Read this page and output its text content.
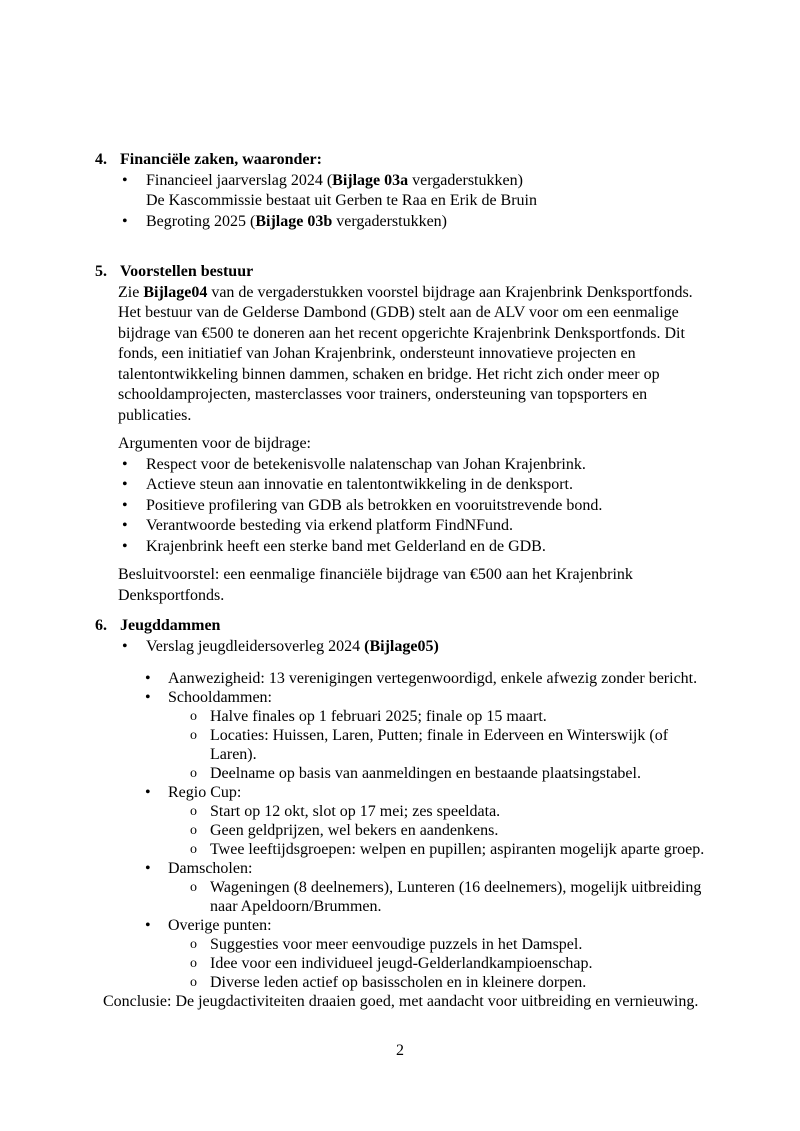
4. Financiële zaken, waaronder:
•	Financieel jaarverslag 2024 (Bijlage 03a vergaderstukken)
De Kascommissie bestaat uit Gerben te Raa en Erik de Bruin
•	Begroting 2025 (Bijlage 03b vergaderstukken)
5. Voorstellen bestuur
Zie Bijlage04 van de vergaderstukken voorstel bijdrage aan Krajenbrink Denksportfonds. Het bestuur van de Gelderse Dambond (GDB) stelt aan de ALV voor om een eenmalige bijdrage van €500 te doneren aan het recent opgerichte Krajenbrink Denksportfonds. Dit fonds, een initiatief van Johan Krajenbrink, ondersteunt innovatieve projecten en talentontwikkeling binnen dammen, schaken en bridge. Het richt zich onder meer op schooldamprojecten, masterclasses voor trainers, ondersteuning van topsporters en publicaties.
Argumenten voor de bijdrage:
•	Respect voor de betekenisvolle nalatenschap van Johan Krajenbrink.
•	Actieve steun aan innovatie en talentontwikkeling in de denksport.
•	Positieve profilering van GDB als betrokken en vooruitstrevende bond.
•	Verantwoorde besteding via erkend platform FindNFund.
•	Krajenbrink heeft een sterke band met Gelderland en de GDB.
Besluitvoorstel: een eenmalige financiële bijdrage van €500 aan het Krajenbrink Denksportfonds.
6. Jeugddammen
•	Verslag jeugdleidersoverleg 2024 (Bijlage05)
•	Aanwezigheid: 13 verenigingen vertegenwoordigd, enkele afwezig zonder bericht.
•	Schooldammen:
o Halve finales op 1 februari 2025; finale op 15 maart.
o Locaties: Huissen, Laren, Putten; finale in Ederveen en Winterswijk (of Laren).
o Deelname op basis van aanmeldingen en bestaande plaatsingstabel.
•	Regio Cup:
o Start op 12 okt, slot op 17 mei; zes speeldata.
o Geen geldprijzen, wel bekers en aandenkens.
o Twee leeftijdsgroepen: welpen en pupillen; aspiranten mogelijk aparte groep.
•	Damscholen:
o Wageningen (8 deelnemers), Lunteren (16 deelnemers), mogelijk uitbreiding naar Apeldoorn/Brummen.
•	Overige punten:
o Suggesties voor meer eenvoudige puzzels in het Damspel.
o Idee voor een individueel jeugd-Gelderlandkampioenschap.
o Diverse leden actief op basisscholen en in kleinere dorpen.
Conclusie: De jeugdactiviteiten draaien goed, met aandacht voor uitbreiding en vernieuwing.
2
